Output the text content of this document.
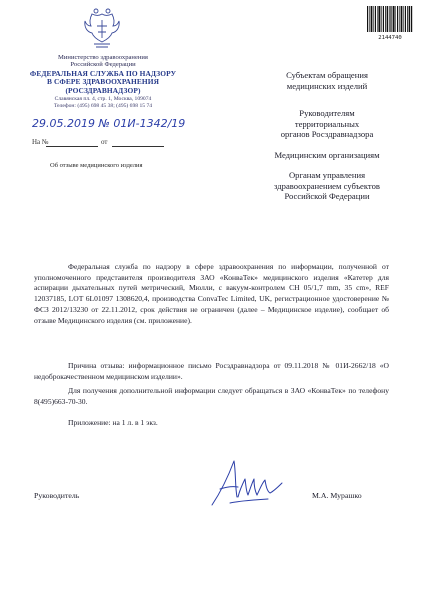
Министерство здравоохранения
Российской Федерации
ФЕДЕРАЛЬНАЯ СЛУЖБА ПО НАДЗОРУ
В СФЕРЕ ЗДРАВООХРАНЕНИЯ
(РОСЗДРАВНАДЗОР)
Славянская пл. 4, стр. 1, Москва, 109074
Телефон: (495) 698 45 38; (495) 698 15 74
29.05.2019 № 01И-1342/19
На №	от
Об отзыве медицинского изделия
2144740
Субъектам обращения
медицинских изделий
Руководителям
территориальных
органов Росздравнадзора
Медицинским организациям
Органам управления
здравоохранением субъектов
Российской Федерации
Федеральная служба по надзору в сфере здравоохранения по информации, полученной от уполномоченного представителя производителя ЗАО «КонваТек» медицинского изделия «Катетер для аспирации дыхательных путей метрический, Мюлли, с вакуум-контролем CH 05/1,7 mm, 35 cm», REF 12037185, LOT 6L01097 1308620,4, производства ConvaTec Limited, UK, регистрационное удостоверение № ФСЗ 2012/13230 от 22.11.2012, срок действия не ограничен (далее – Медицинское изделие), сообщает об отзыве Медицинского изделия (см. приложение).
Причина отзыва: информационное письмо Росздравнадзора от 09.11.2018 № 01И-2662/18 «О недоброкачественном медицинском изделии».
Для получения дополнительной информации следует обращаться в ЗАО «КонваТек» по телефону 8(495)663-70-30.
Приложение: на 1 л. в 1 экз.
Руководитель	М.А. Мурашко
